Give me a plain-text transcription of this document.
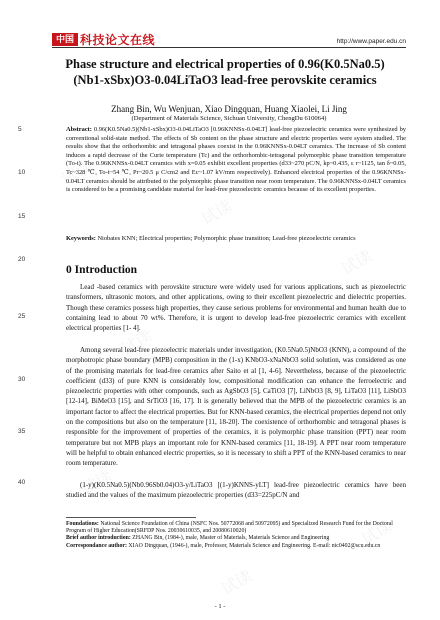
中国 科技论文在线	http://www.paper.edu.cn
Phase structure and electrical properties of 0.96(K0.5Na0.5)(Nb1-xSbx)O3-0.04LiTaO3 lead-free perovskite ceramics
Zhang Bin, Wu Wenjuan, Xiao Dingquan, Huang Xiaolei, Li Jing
(Department of Materials Science, Sichuan University, ChengDu 610064)
Abstract: 0.96(K0.5Na0.5)(Nb1-xSbx)O3-0.04LiTaO3 [0.96KNNSx-0.04LT] lead-free piezoelectric ceramics were synthesized by conventional solid-state method. The effects of Sb content on the phase structure and electric properties were system studied. The results show that the orthorhombic and tetragonal phases coexist in the 0.96KNNSx-0.04LT ceramics. The increase of Sb content induces a rapid decrease of the Curie temperature (Tc) and the orthorhombic-tetragonal polymorphic phase transition temperature (To-t). The 0.96KNNSx-0.04LT ceramics with x=0.05 exhibit excellent properties (d33~270 pC/N, kp~0.435, ε r~1125, tan δ~0.05, Tc~328 ℃, To-t~54 ℃, Pr~20.5 μ C/cm2 and Ec~1.07 kV/mm respectively). Enhanced electrical properties of the 0.96KNNSx-0.04LT ceramics should be attributed to the polymorphic phase transition near room temperature. The 0.96KNNSx-0.04LT ceramics is considered to be a promising candidate material for lead-free piezoelectric ceramics because of its excellent properties.
Keywords: Niobates KNN; Electrical properties; Polymorphic phase transition; Lead-free piezoelectric ceramics
0 Introduction
Lead -based ceramics with perovskite structure were widely used for various applications, such as piezoelectric transformers, ultrasonic motors, and other applications, owing to their excellent piezoelectric and dielectric properties. Though these ceramics possess high properties, they cause serious problems for environmental and human health due to containing lead to about 70 wt%. Therefore, it is urgent to develop lead-free piezoelectric ceramics with excellent electrical properties [1- 4].
Among several lead-free piezoelectric materials under investigation, (K0.5Na0.5)NbO3 (KNN), a compound of the morphotropic phase boundary (MPB) composition in the (1-x) KNbO3-xNaNbO3 solid solution, was considered as one of the promising materials for lead-free ceramics after Saito et al [1, 4-6]. Nevertheless, because of the piezoelectric coefficient (d33) of pure KNN is considerably low, compositional modification can enhance the ferroelectric and piezoelectric properties with other compounds, such as AgSbO3 [5], CaTiO3 [7], LiNbO3 [8, 9], LiTaO3 [11], LiSbO3 [12-14], BiMeO3 [15], and SrTiO3 [16, 17]. It is generally believed that the MPB of the piezoelectric ceramics is an important factor to affect the electrical properties. But for KNN-based ceramics, the electrical properties depend not only on the compositions but also on the temperature [11, 18-20]. The coexistence of orthorhombic and tetragonal phases is responsible for the improvement of properties of the ceramics, it is polymorphic phase transition (PPT) near room temperature but not MPB plays an important role for KNN-based ceramics [11, 18-19]. A PPT near room temperature will be helpful to obtain enhanced electric properties, so it is necessary to shift a PPT of the KNN-based ceramics to near room temperature.
(1-y)(K0.5Na0.5)(Nb0.96Sb0.04)O3-y/LiTaO3 [(1-y)KNNS-yLT] lead-free piezoelectric ceramics have been studied and the values of the maximum piezoelectric properties (d33=225pC/N and
5
10
15
20
25
30
35
40
Foundations: National Science Foundation of China (NSFC Nos. 50772068 and 50972095) and Specialized Research Fund for the Doctoral Program of Higher Education(SRFDP Nos. 20030610035, and 20080610020)
Brief author introduction: ZHANG Bin, (1984-), male, Master of Materials, Materials Science and Engineering
Correspondance author: XIAO Dingquan, (1946-), male, Professor, Materials Science and Engineering. E-mail: nic0402@scu.edu.cn
- 1 -
试读
试读
试读
试读
试读
试读
试读
试读
